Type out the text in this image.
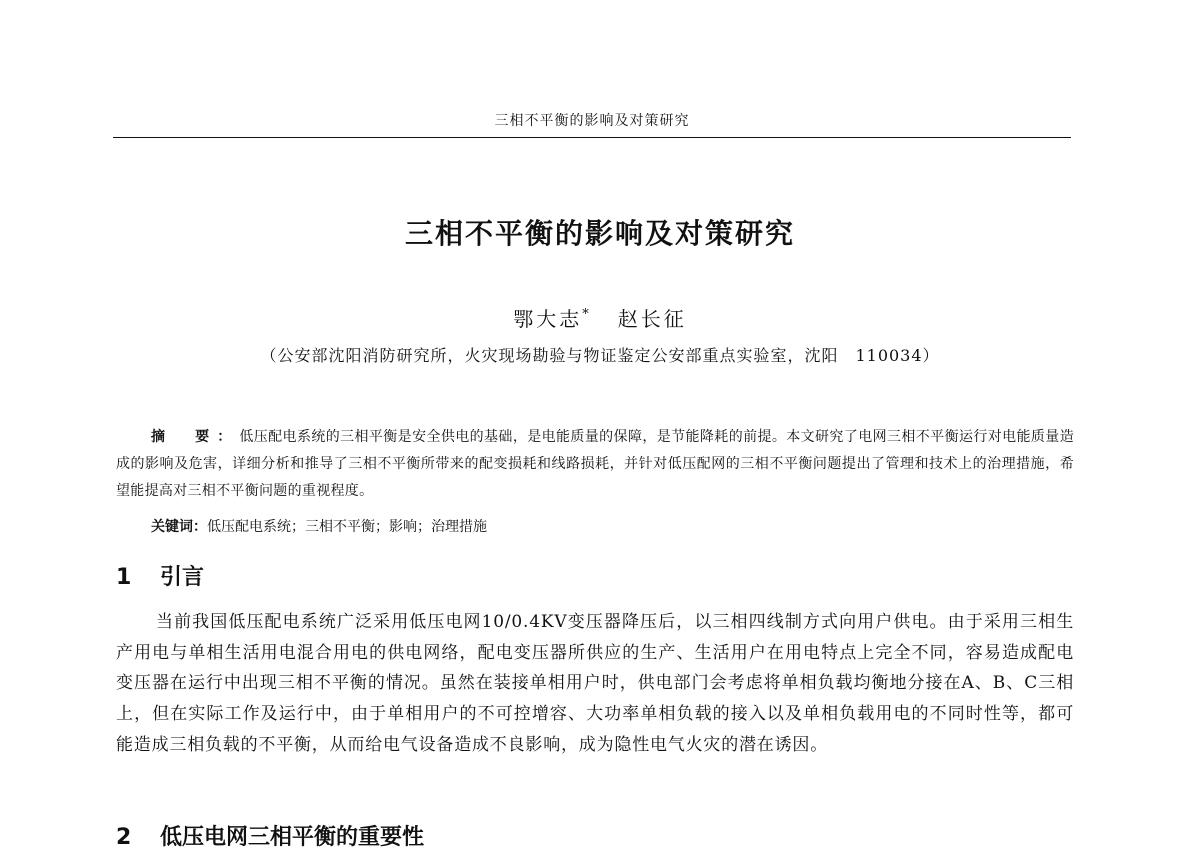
三相不平衡的影响及对策研究
三相不平衡的影响及对策研究
鄂大志* 赵长征
（公安部沈阳消防研究所，火灾现场勘验与物证鉴定公安部重点实验室，沈阳　110034）

摘　要：低压配电系统的三相平衡是安全供电的基础，是电能质量的保障，是节能降耗的前提。本文研究了电网三相不平衡运行对电能质量造成的影响及危害，详细分析和推导了三相不平衡所带来的配变损耗和线路损耗，并针对低压配网的三相不平衡问题提出了管理和技术上的治理措施，希望能提高对三相不平衡问题的重视程度。

关键词：低压配电系统；三相不平衡；影响；治理措施
1 引言

当前我国低压配电系统广泛采用低压电网10/0.4KV变压器降压后，以三相四线制方式向用户供电。由于采用三相生产用电与单相生活用电混合用电的供电网络，配电变压器所供应的生产、生活用户在用电特点上完全不同，容易造成配电变压器在运行中出现三相不平衡的情况。虽然在装接单相用户时，供电部门会考虑将单相负载均衡地分接在A、B、C三相上，但在实际工作及运行中，由于单相用户的不可控增容、大功率单相负载的接入以及单相负载用电的不同时性等，都可能造成三相负载的不平衡，从而给电气设备造成不良影响，成为隐性电气火灾的潜在诱因。

2 低压电网三相平衡的重要性
